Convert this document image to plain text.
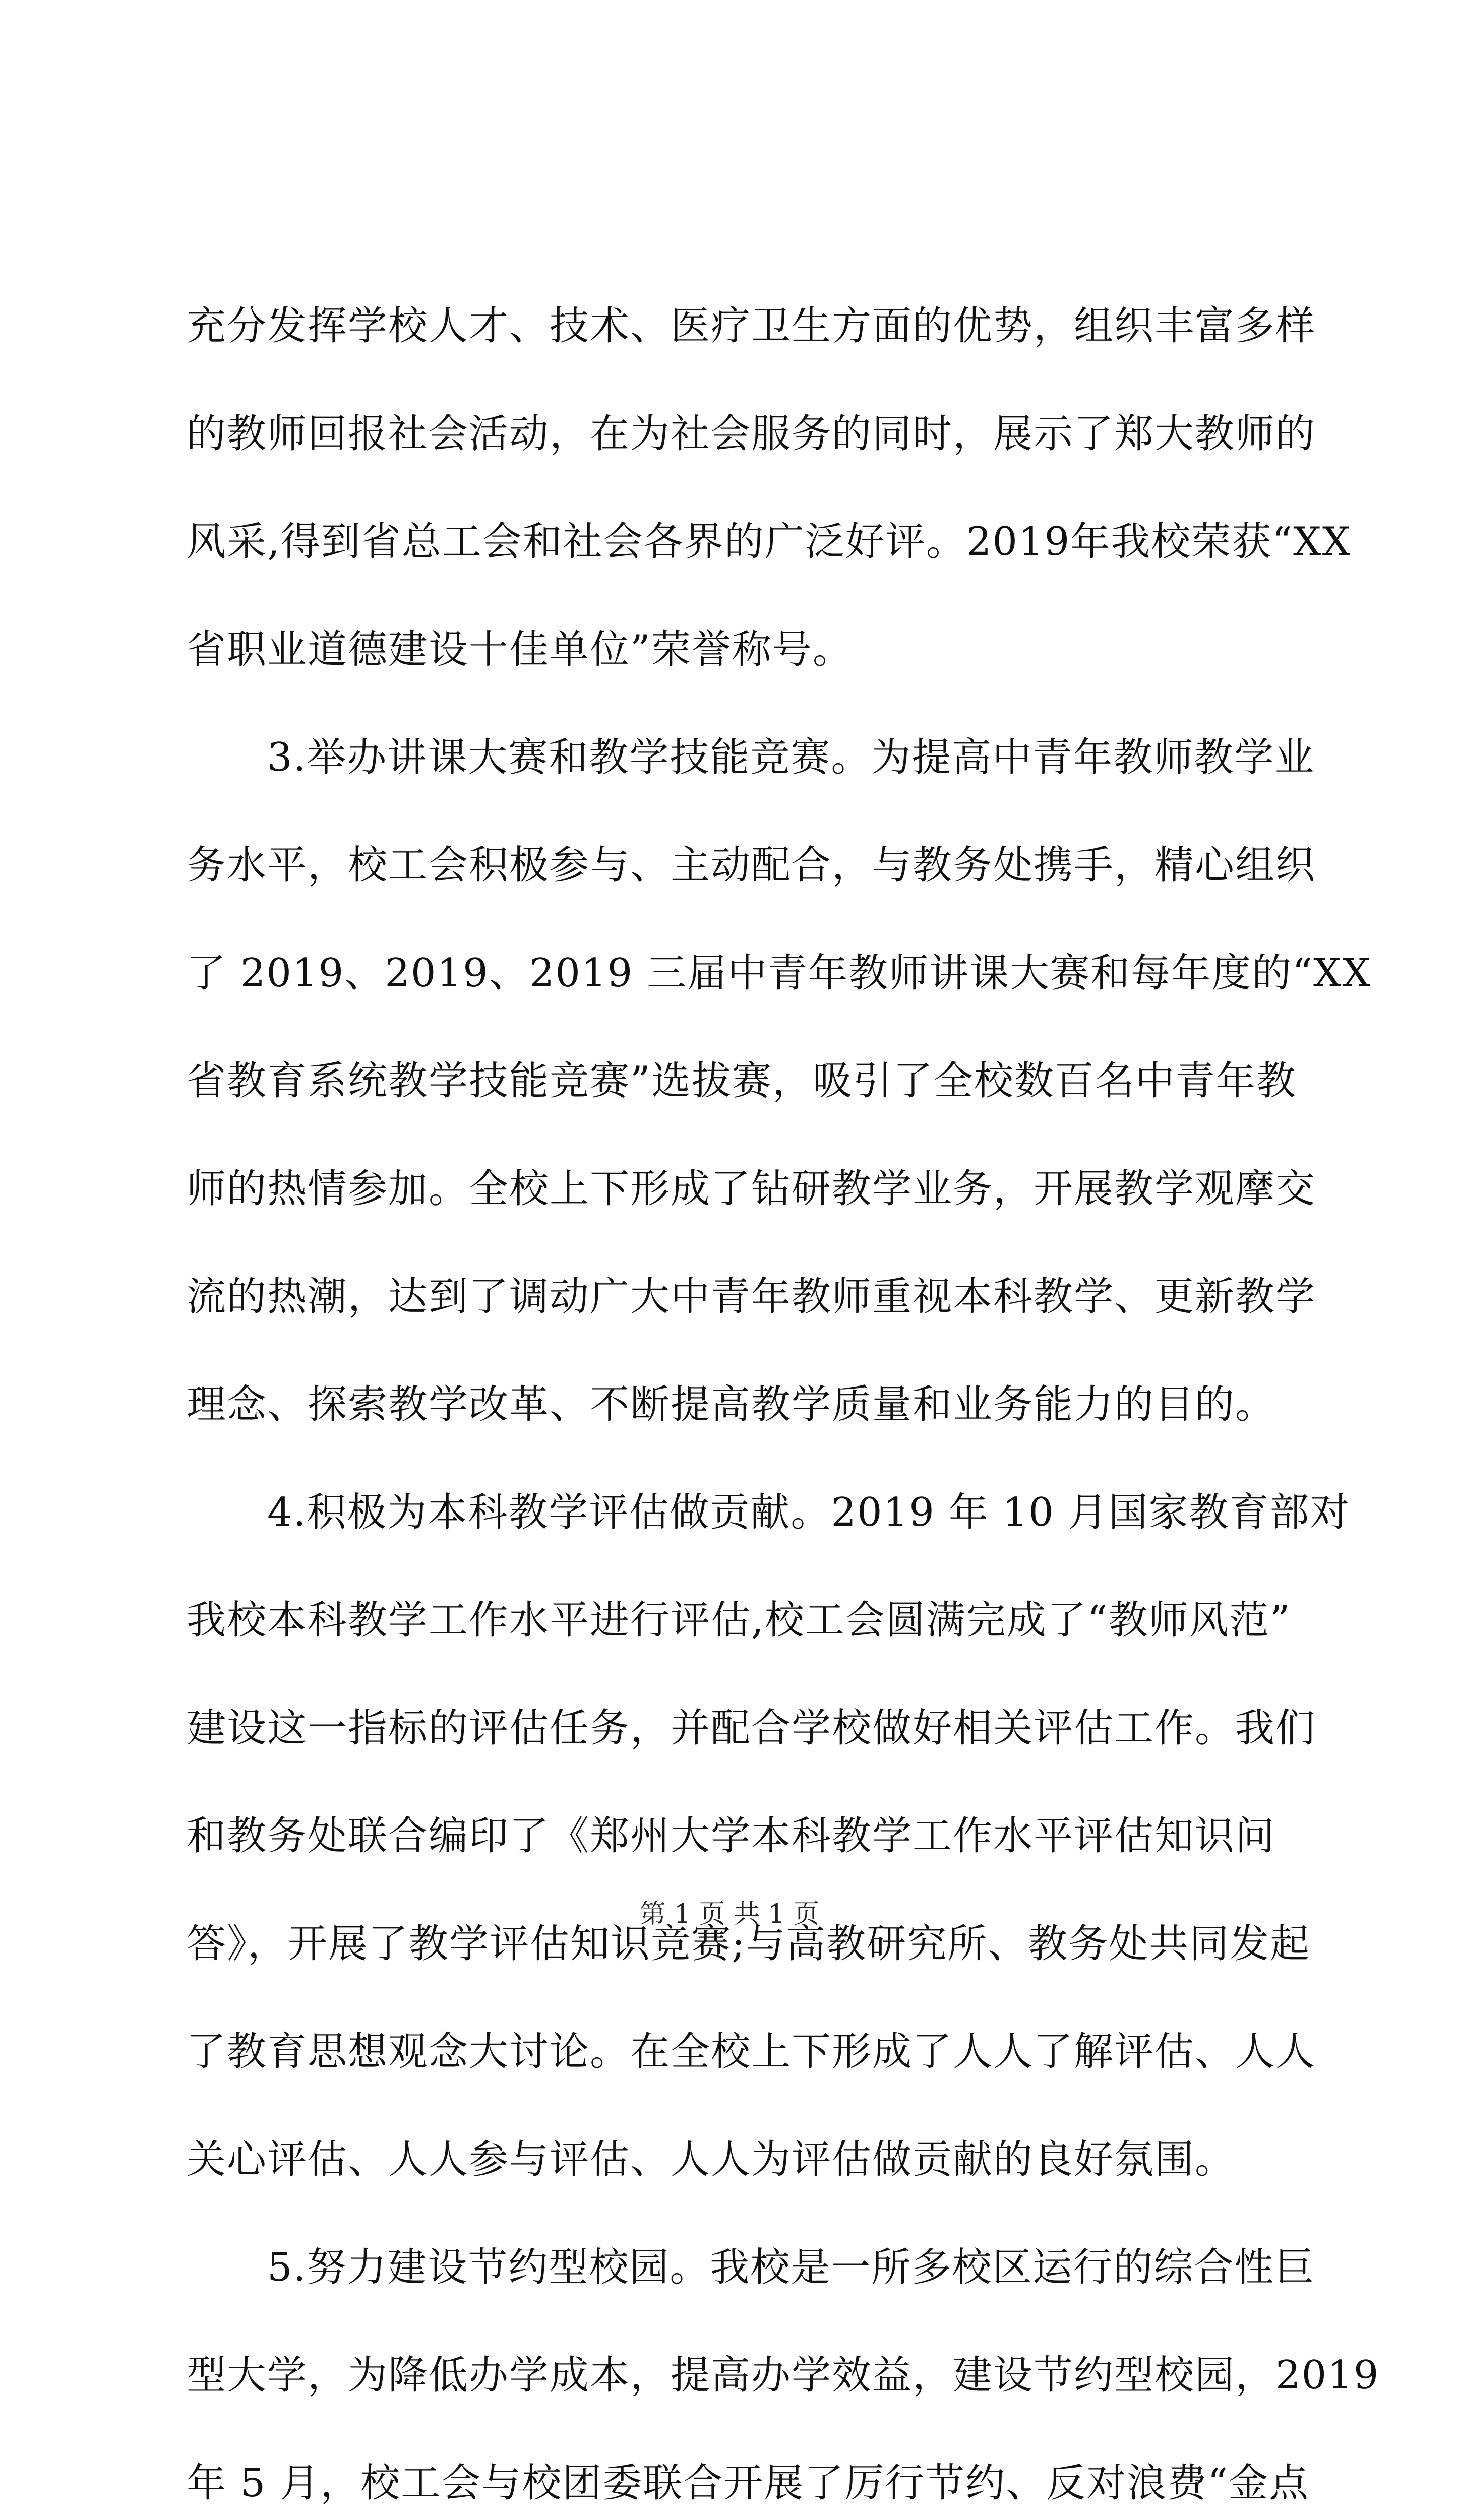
充分发挥学校人才、技术、医疗卫生方面的优势，组织丰富多样
的教师回报社会活动，在为社会服务的同时，展示了郑大教师的
风采,得到省总工会和社会各界的广泛好评。2019年我校荣获“XX
省职业道德建设十佳单位”荣誉称号。
　　3.举办讲课大赛和教学技能竞赛。为提高中青年教师教学业
务水平，校工会积极参与、主动配合，与教务处携手，精心组织
了 2019、2019、2019 三届中青年教师讲课大赛和每年度的“XX
省教育系统教学技能竞赛”选拔赛，吸引了全校数百名中青年教
师的热情参加。全校上下形成了钻研教学业务，开展教学观摩交
流的热潮，达到了调动广大中青年教师重视本科教学、更新教学
理念、探索教学改革、不断提高教学质量和业务能力的目的。
　　4.积极为本科教学评估做贡献。2019 年 10 月国家教育部对
我校本科教学工作水平进行评估,校工会圆满完成了“教师风范”
建设这一指标的评估任务，并配合学校做好相关评估工作。我们
和教务处联合编印了《郑州大学本科教学工作水平评估知识问
答》，开展了教学评估知识竞赛;与高教研究所、教务处共同发起
了教育思想观念大讨论。在全校上下形成了人人了解评估、人人
关心评估、人人参与评估、人人为评估做贡献的良好氛围。
　　5.努力建设节约型校园。我校是一所多校区运行的综合性巨
型大学，为降低办学成本，提高办学效益，建设节约型校园，2019
年 5 月，校工会与校团委联合开展了厉行节约、反对浪费“金点
第 1 页 共 1 页
